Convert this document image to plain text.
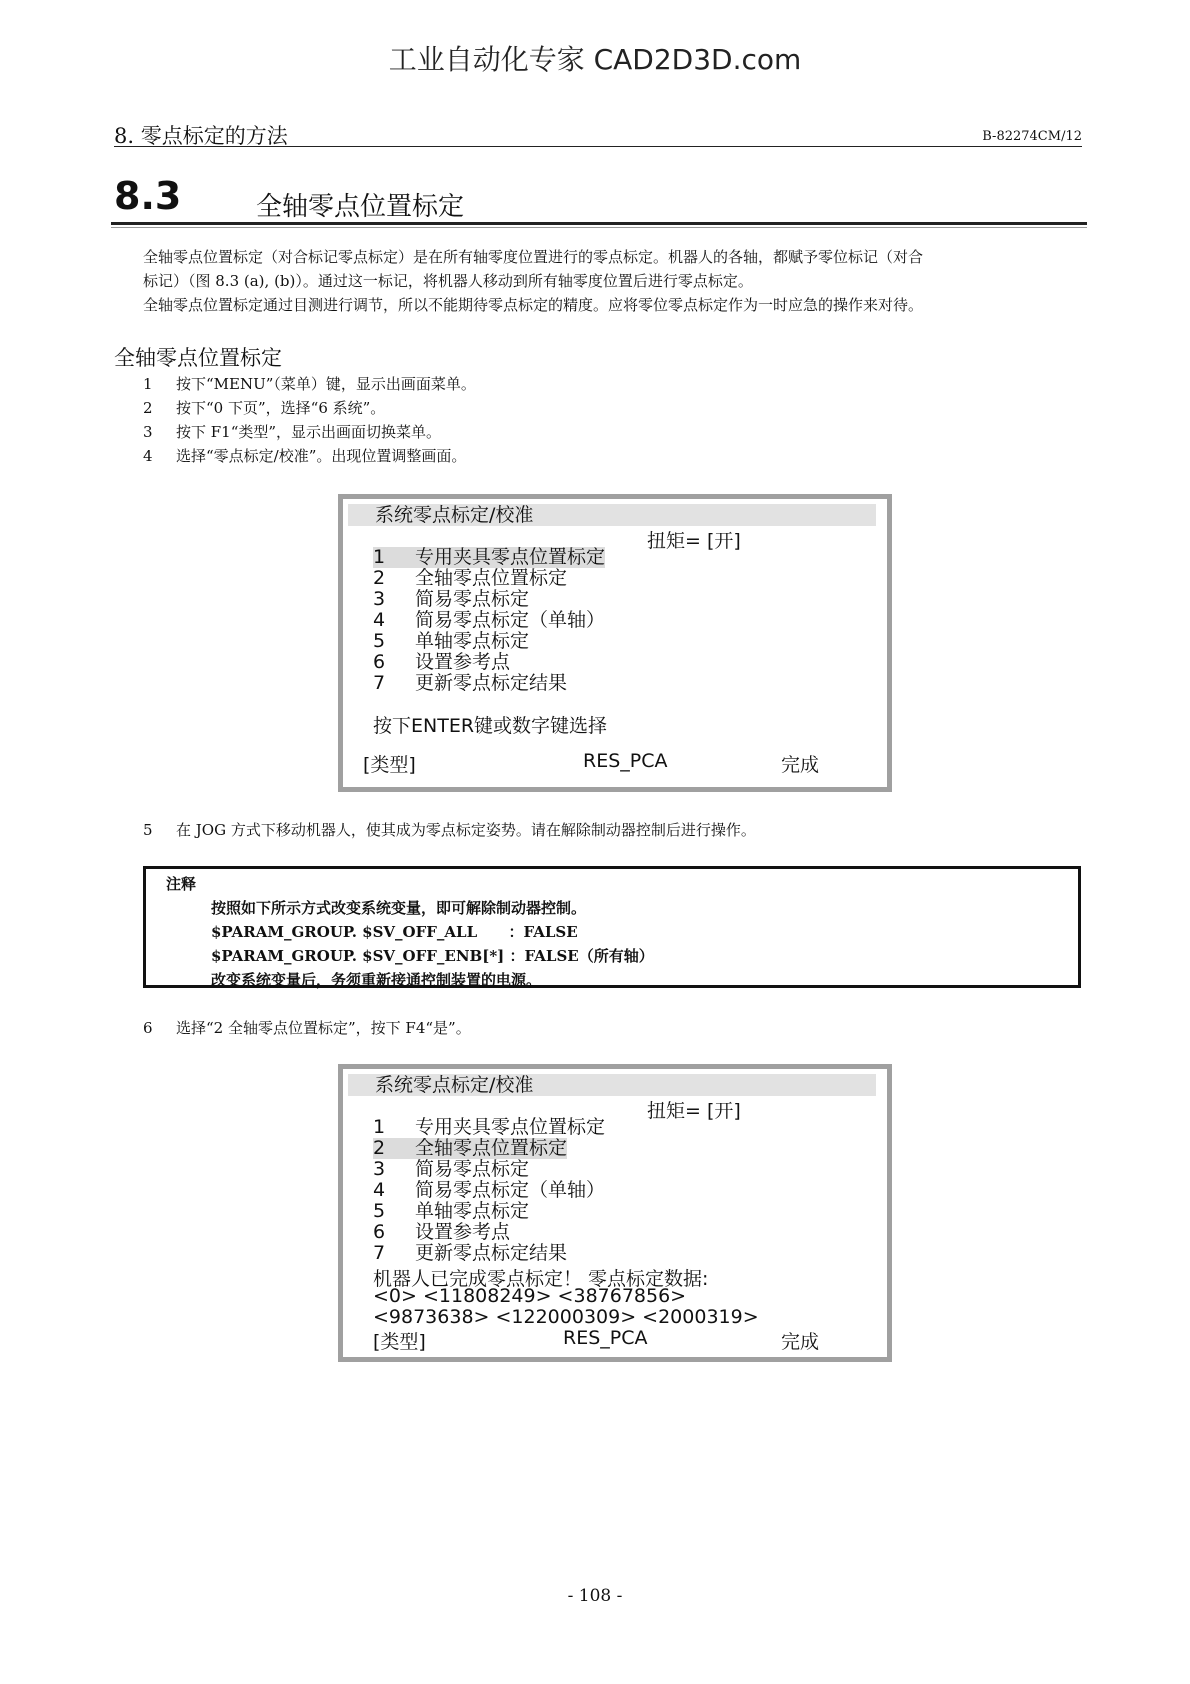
工业自动化专家 CAD2D3D.com
8. 零点标定的方法	B-82274CM/12
8.3	全轴零点位置标定
全轴零点位置标定（对合标记零点标定）是在所有轴零度位置进行的零点标定。机器人的各轴，都赋予零位标记（对合
标记）（图 8.3 (a), (b)）。通过这一标记，将机器人移动到所有轴零度位置后进行零点标定。
全轴零点位置标定通过目测进行调节，所以不能期待零点标定的精度。应将零位零点标定作为一时应急的操作来对待。
全轴零点位置标定
1 按下“MENU”（菜单）键，显示出画面菜单。
2 按下“0 下页”，选择“6 系统”。
3 按下 F1“类型”，显示出画面切换菜单。
4 选择“零点标定/校准”。出现位置调整画面。
系统零点标定/校准
扭矩= [开]
1 专用夹具零点位置标定
2 全轴零点位置标定
3 简易零点标定
4 简易零点标定（单轴）
5 单轴零点标定
6 设置参考点
7 更新零点标定结果
按下ENTER键或数字键选择
[类型]	RES_PCA	完成
5 在 JOG 方式下移动机器人，使其成为零点标定姿势。请在解除制动器控制后进行操作。
注释
按照如下所示方式改变系统变量，即可解除制动器控制。
$PARAM_GROUP. $SV_OFF_ALL      ：FALSE
$PARAM_GROUP. $SV_OFF_ENB[*] ：FALSE（所有轴）
改变系统变量后，务须重新接通控制装置的电源。
6 选择“2 全轴零点位置标定”，按下 F4“是”。
系统零点标定/校准
扭矩= [开]
1 专用夹具零点位置标定
2 全轴零点位置标定
3 简易零点标定
4 简易零点标定（单轴）
5 单轴零点标定
6 设置参考点
7 更新零点标定结果
机器人已完成零点标定！ 零点标定数据:
<0> <11808249> <38767856>
<9873638> <122000309> <2000319>
[类型]	RES_PCA	完成
- 108 -
